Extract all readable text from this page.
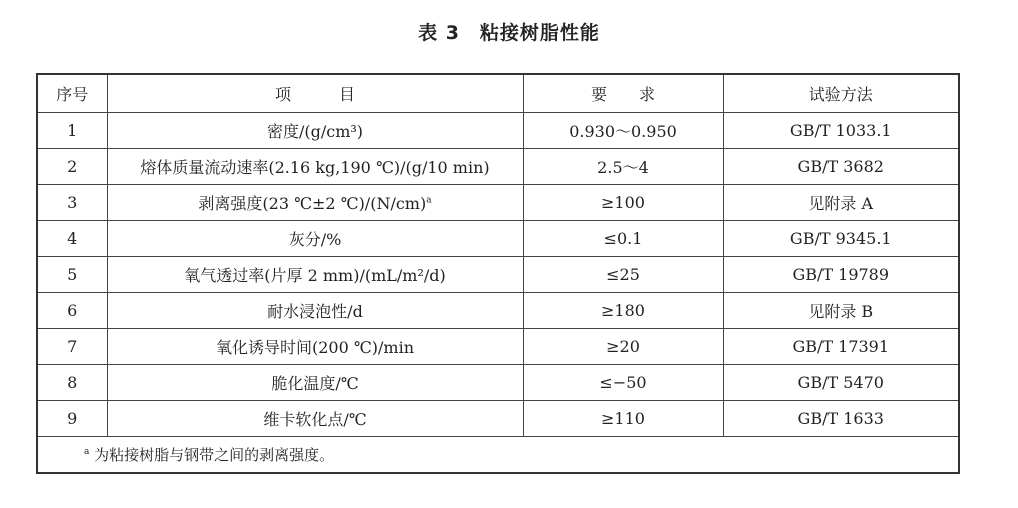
表 3　粘接树脂性能
序号	项　　　目	要　　求	试验方法
1	密度/(g/cm³)	0.930～0.950	GB/T 1033.1
2	熔体质量流动速率(2.16 kg,190 ℃)/(g/10 min)	2.5～4	GB/T 3682
3	剥离强度(23 ℃±2 $℃)/(N/cm)^a$	≥100	见附录 A
4	灰分/%	≤0.1	GB/T 9345.1
5	氧气透过率(片厚 2 mm)/(mL/m²/d)	≤25	GB/T 19789
6	耐水浸泡性/d	≥180	见附录 B
7	氧化诱导时间(200 ℃)/min	≥20	GB/T 17391
8	脆化温度/℃	≤−50	GB/T 5470
9	维卡软化点/℃	≥110	GB/T 1633
$^a$ 为粘接树脂与钢带之间的剥离强度。			
